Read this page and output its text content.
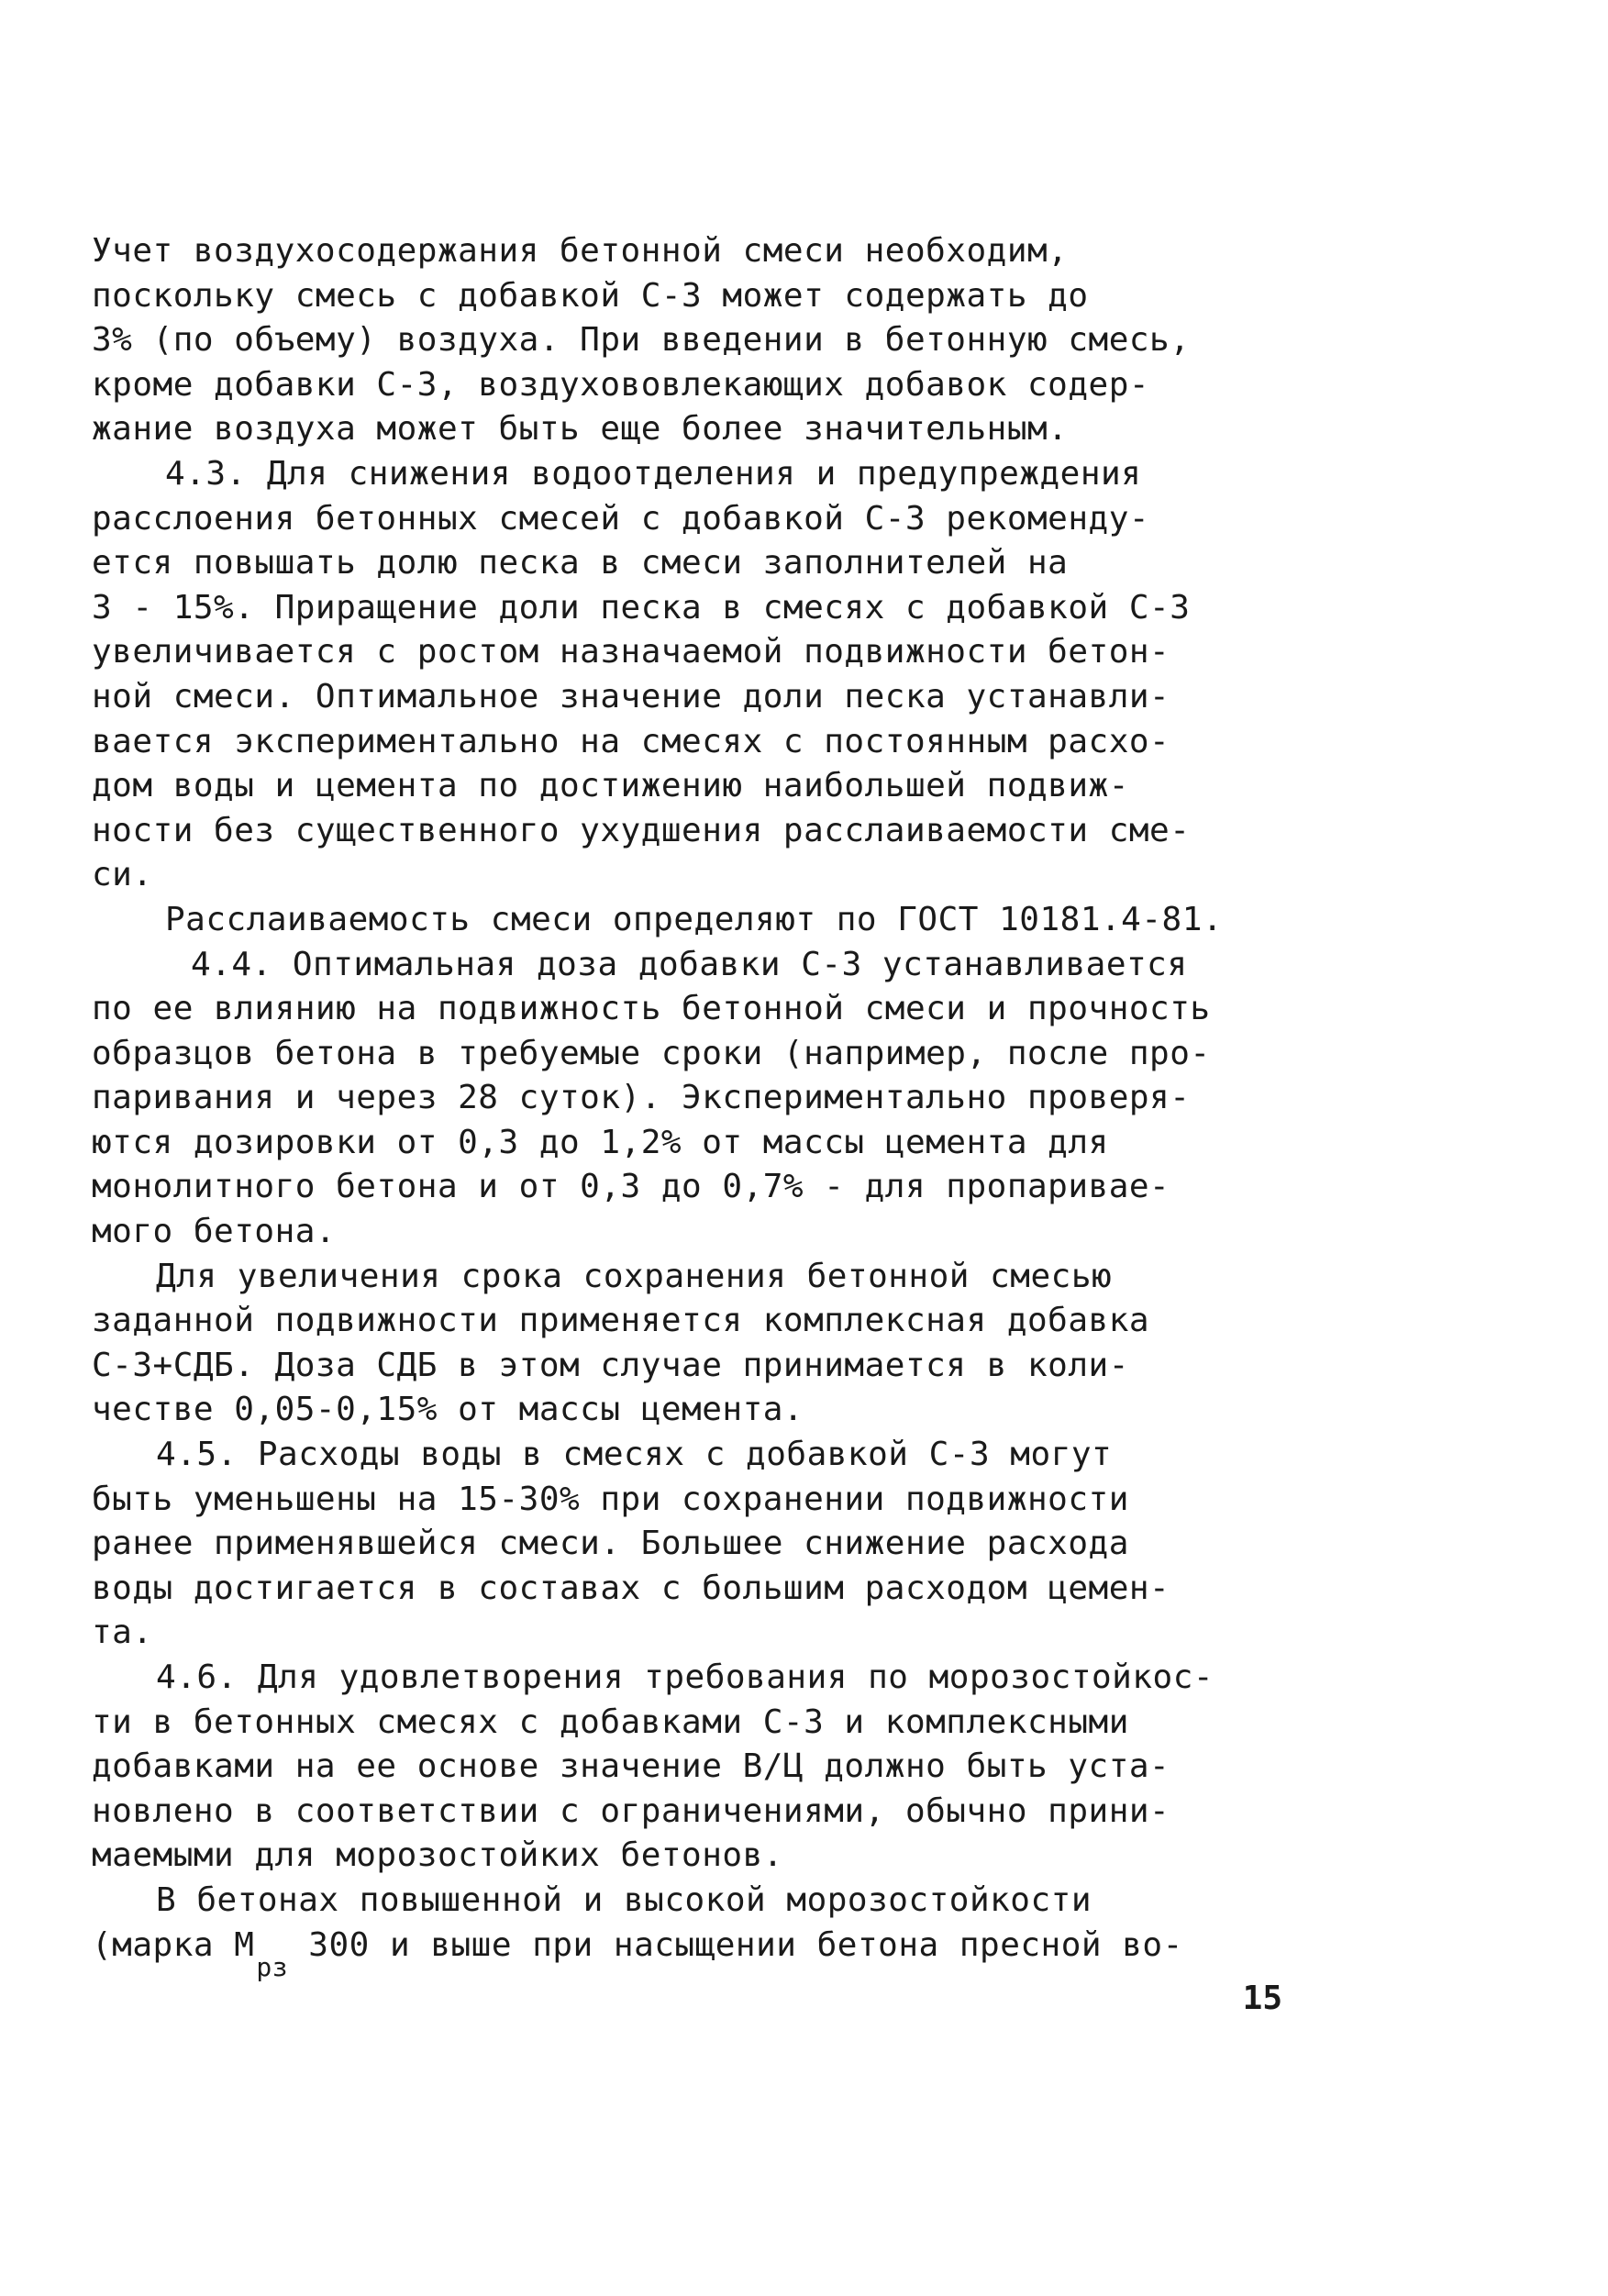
Учет воздухосодержания бетонной смеси необходим,
поскольку смесь с добавкой С-3 может содержать до
3% (по объему) воздуха. При введении в бетонную смесь,
кроме добавки С-3, воздухововлекающих добавок содер-
жание воздуха может быть еще более значительным.
4.3. Для снижения водоотделения и предупреждения
расслоения бетонных смесей с добавкой С-3 рекоменду-
ется повышать долю песка в смеси заполнителей на
3 - 15%. Приращение доли песка в смесях с добавкой С-3
увеличивается с ростом назначаемой подвижности бетон-
ной смеси. Оптимальное значение доли песка устанавли-
вается экспериментально на смесях с постоянным расхо-
дом воды и цемента по достижению наибольшей подвиж-
ности без существенного ухудшения расслаиваемости сме-
си.
Расслаиваемость смеси определяют по ГОСТ 10181.4-81.
4.4. Оптимальная доза добавки С-3 устанавливается
по ее влиянию на подвижность бетонной смеси и прочность
образцов бетона в требуемые сроки (например, после про-
паривания и через 28 суток). Экспериментально проверя-
ются дозировки от 0,3 до 1,2% от массы цемента для
монолитного бетона и от 0,3 до 0,7% - для пропариваe-
мого бетона.
Для увеличения срока сохранения бетонной смесью
заданной подвижности применяется комплексная добавка
С-3+СДБ. Доза СДБ в этом случае принимается в коли-
честве 0,05-0,15% от массы цемента.
4.5. Расходы воды в смесях с добавкой С-3 могут
быть уменьшены на 15-30% при сохранении подвижности
ранее применявшейся смеси. Большее снижение расхода
воды достигается в составах с большим расходом цемен-
та.
4.6. Для удовлетворения требования по морозостойкос-
ти в бетонных смесях с добавками С-3 и комплексными
добавками на ее основе значение В/Ц должно быть уста-
новлено в соответствии с ограничениями, обычно прини-
маемыми для морозостойких бетонов.
В бетонах повышенной и высокой морозостойкости
(марка $М_{рз}$ 300 и выше при насыщении бетона пресной во-
15
